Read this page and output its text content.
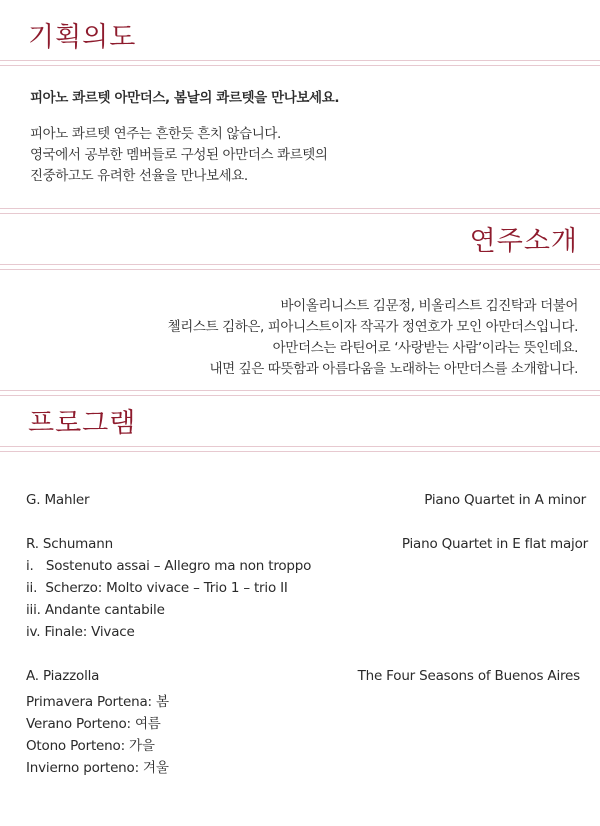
기획의도
피아노 콰르텟 아만더스, 봄날의 콰르텟을 만나보세요.
피아노 콰르텟 연주는 흔한듯 흔치 않습니다.
영국에서 공부한 멤버들로 구성된 아만더스 콰르텟의
진중하고도 유려한 선율을 만나보세요.
연주소개
바이올리니스트 김문정, 비올리스트 김진탁과 더불어
첼리스트 김하은, 피아니스트이자 작곡가 정연호가 모인 아만더스입니다.
아만더스는 라틴어로 ‘사랑받는 사람’이라는 뜻인데요.
내면 깊은 따뜻함과 아름다움을 노래하는 아만더스를 소개합니다.
프로그램
G. Mahler	Piano Quartet in A minor
R. Schumann	Piano Quartet in E flat major
i.   Sostenuto assai – Allegro ma non troppo
ii.  Scherzo: Molto vivace – Trio 1 – trio II
iii. Andante cantabile
iv. Finale: Vivace
A. Piazzolla	The Four Seasons of Buenos Aires
Primavera Portena: 봄
Verano Porteno: 여름
Otono Porteno: 가을
Invierno porteno: 겨울
